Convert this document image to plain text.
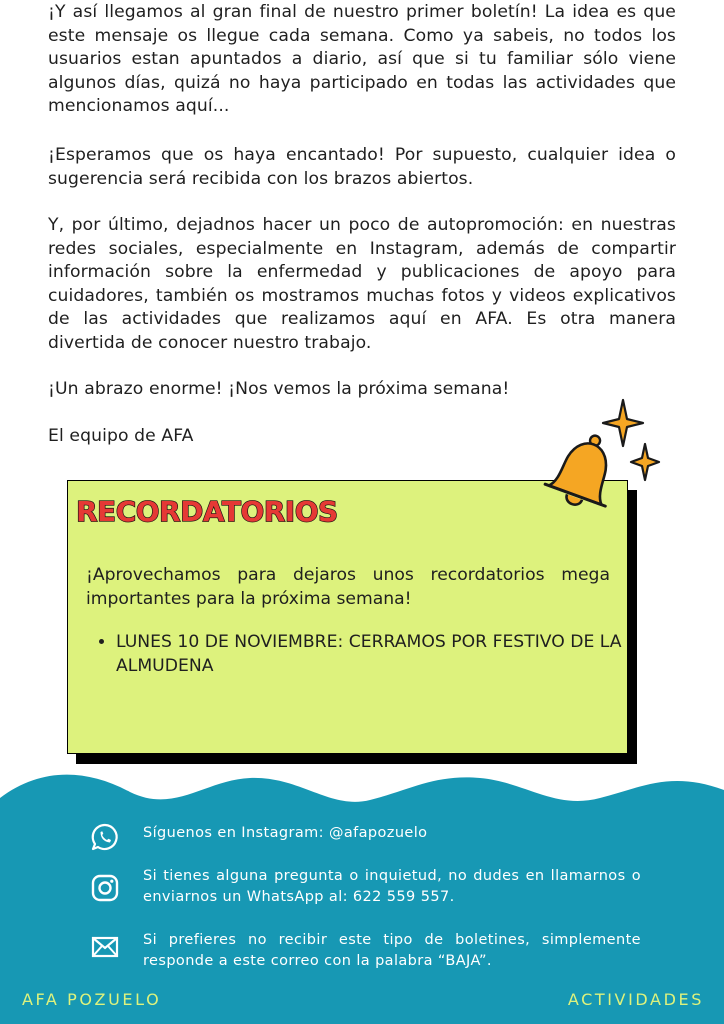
¡Y así llegamos al gran final de nuestro primer boletín! La idea es que este mensaje os llegue cada semana. Como ya sabeis, no todos los usuarios estan apuntados a diario, así que si tu familiar sólo viene algunos días, quizá no haya participado en todas las actividades que mencionamos aquí...

¡Esperamos que os haya encantado! Por supuesto, cualquier idea o sugerencia será recibida con los brazos abiertos.

Y, por último, dejadnos hacer un poco de autopromoción: en nuestras redes sociales, especialmente en Instagram, además de compartir información sobre la enfermedad y publicaciones de apoyo para cuidadores, también os mostramos muchas fotos y videos explicativos de las actividades que realizamos aquí en AFA. Es otra manera divertida de conocer nuestro trabajo.

¡Un abrazo enorme! ¡Nos vemos la próxima semana!

El equipo de AFA

RECORDATORIOS

¡Aprovechamos para dejaros unos recordatorios mega importantes para la próxima semana!

• LUNES 10 DE NOVIEMBRE: CERRAMOS POR FESTIVO DE LA ALMUDENA

Síguenos en Instagram: @afapozuelo

Si tienes alguna pregunta o inquietud, no dudes en llamarnos o enviarnos un WhatsApp al: 622 559 557.

Si prefieres no recibir este tipo de boletines, simplemente responde a este correo con la palabra “BAJA”.

AFA POZUELO	ACTIVIDADES
